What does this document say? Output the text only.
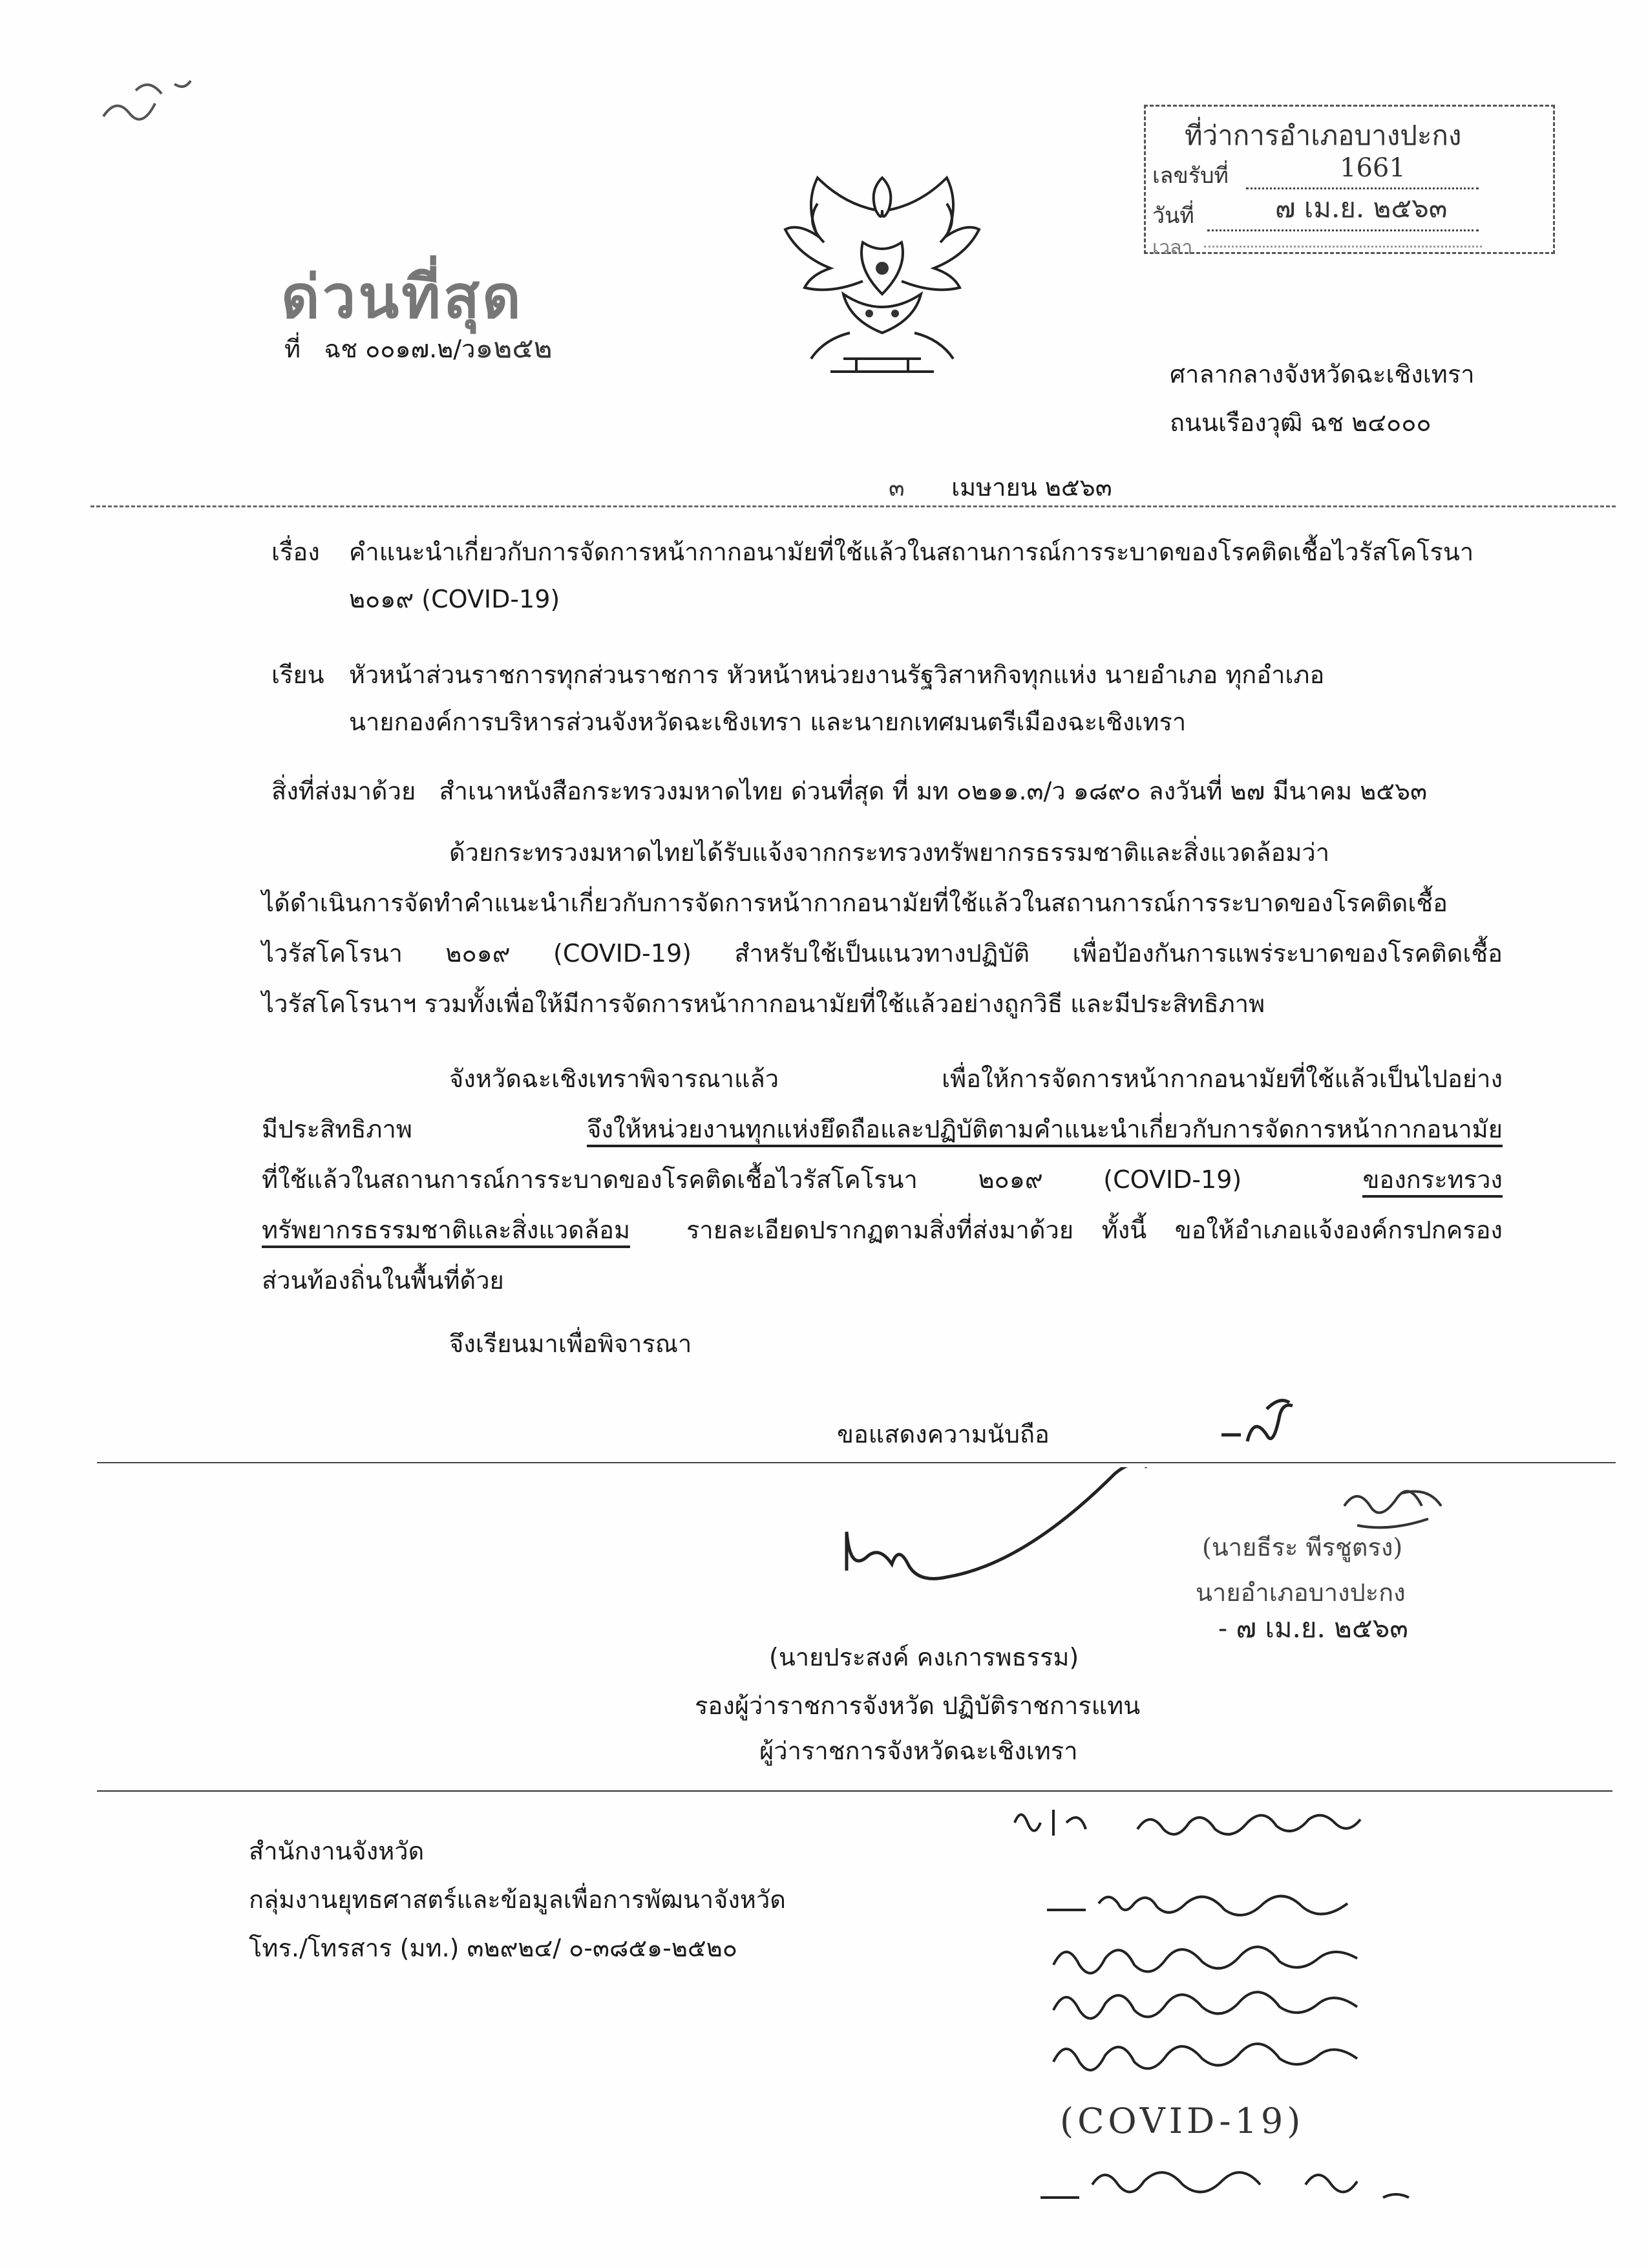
ที่ว่าการอำเภอบางปะกง
เลขรับที่	1661
วันที่	๗ เม.ย. ๒๕๖๓
เวลา
ด่วนที่สุด
ที่ ฉช ๐๐๑๗.๒/ว๑๒๕๒
ศาลากลางจังหวัดฉะเชิงเทรา
ถนนเรืองวุฒิ ฉช ๒๔๐๐๐
๓ เมษายน ๒๕๖๓
เรื่อง คำแนะนำเกี่ยวกับการจัดการหน้ากากอนามัยที่ใช้แล้วในสถานการณ์การระบาดของโรคติดเชื้อไวรัสโคโรนา
๒๐๑๙ (COVID-19)
เรียน หัวหน้าส่วนราชการทุกส่วนราชการ หัวหน้าหน่วยงานรัฐวิสาหกิจทุกแห่ง นายอำเภอ ทุกอำเภอ
นายกองค์การบริหารส่วนจังหวัดฉะเชิงเทรา และนายกเทศมนตรีเมืองฉะเชิงเทรา
สิ่งที่ส่งมาด้วย สำเนาหนังสือกระทรวงมหาดไทย ด่วนที่สุด ที่ มท ๐๒๑๑.๓/ว ๑๘๙๐ ลงวันที่ ๒๗ มีนาคม ๒๕๖๓
ด้วยกระทรวงมหาดไทยได้รับแจ้งจากกระทรวงทรัพยากรธรรมชาติและสิ่งแวดล้อมว่า
ได้ดำเนินการจัดทำคำแนะนำเกี่ยวกับการจัดการหน้ากากอนามัยที่ใช้แล้วในสถานการณ์การระบาดของโรคติดเชื้อ
ไวรัสโคโรนา ๒๐๑๙ (COVID-19) สำหรับใช้เป็นแนวทางปฏิบัติ เพื่อป้องกันการแพร่ระบาดของโรคติดเชื้อ
ไวรัสโคโรนาฯ รวมทั้งเพื่อให้มีการจัดการหน้ากากอนามัยที่ใช้แล้วอย่างถูกวิธี และมีประสิทธิภาพ
จังหวัดฉะเชิงเทราพิจารณาแล้ว เพื่อให้การจัดการหน้ากากอนามัยที่ใช้แล้วเป็นไปอย่าง
มีประสิทธิภาพ	จึงให้หน่วยงานทุกแห่งยึดถือและปฏิบัติตามคำแนะนำเกี่ยวกับการจัดการหน้ากากอนามัย
ที่ใช้แล้วในสถานการณ์การระบาดของโรคติดเชื้อไวรัสโคโรนา ๒๐๑๙ (COVID-19)	ของกระทรวง
ทรัพยากรธรรมชาติและสิ่งแวดล้อม รายละเอียดปรากฏตามสิ่งที่ส่งมาด้วย ทั้งนี้ ขอให้อำเภอแจ้งองค์กรปกครอง
ส่วนท้องถิ่นในพื้นที่ด้วย
จึงเรียนมาเพื่อพิจารณา
ขอแสดงความนับถือ
(นายธีระ พีรชูตรง)
นายอำเภอบางปะกง
- ๗ เม.ย. ๒๕๖๓
(นายประสงค์ คงเการพธรรม)
รองผู้ว่าราชการจังหวัด ปฏิบัติราชการแทน
ผู้ว่าราชการจังหวัดฉะเชิงเทรา
สำนักงานจังหวัด
กลุ่มงานยุทธศาสตร์และข้อมูลเพื่อการพัฒนาจังหวัด
โทร./โทรสาร (มท.) ๓๒๙๒๔/ ๐-๓๘๕๑-๒๕๒๐
(COVID-19)
